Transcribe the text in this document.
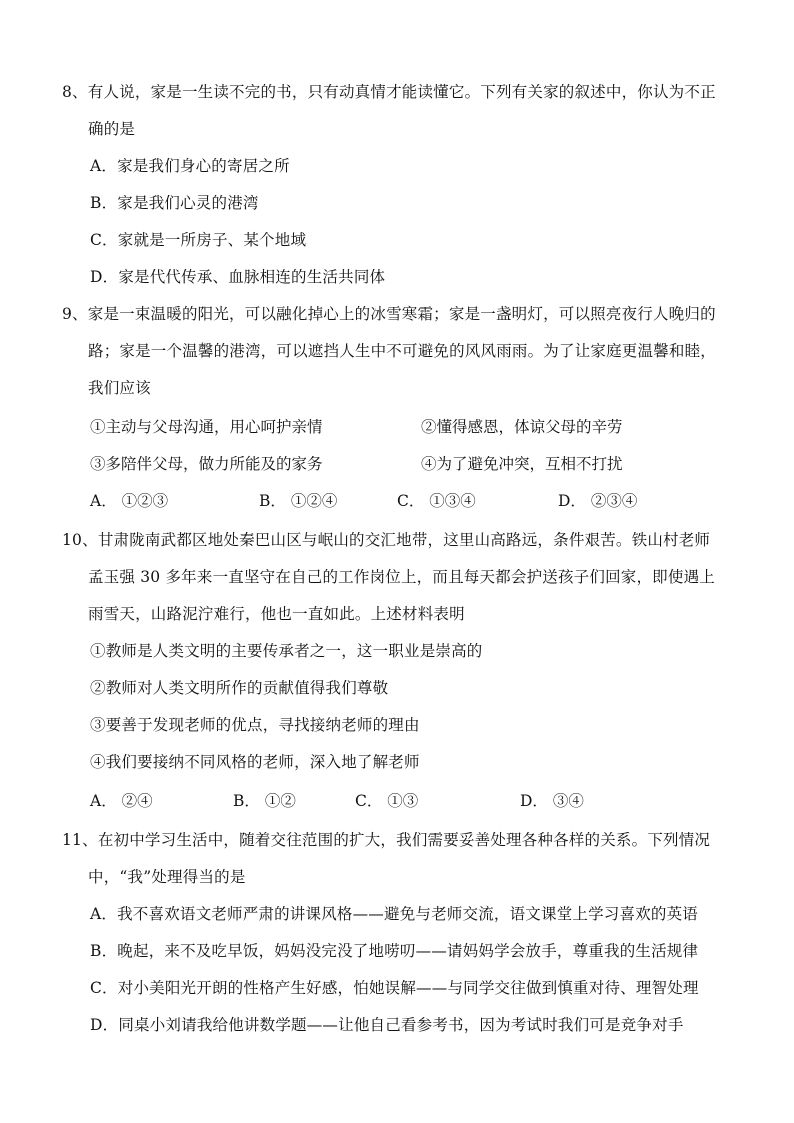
8、有人说，家是一生读不完的书，只有动真情才能读懂它。下列有关家的叙述中，你认为不正
确的是
A．家是我们身心的寄居之所
B．家是我们心灵的港湾
C．家就是一所房子、某个地域
D．家是代代传承、血脉相连的生活共同体
9、家是一束温暖的阳光，可以融化掉心上的冰雪寒霜；家是一盏明灯，可以照亮夜行人晚归的
路；家是一个温馨的港湾，可以遮挡人生中不可避免的风风雨雨。为了让家庭更温馨和睦，
我们应该
①主动与父母沟通，用心呵护亲情	②懂得感恩，体谅父母的辛劳
③多陪伴父母，做力所能及的家务	④为了避免冲突，互相不打扰
A． ①②③	B． ①②④	C． ①③④	D． ②③④
10、甘肃陇南武都区地处秦巴山区与岷山的交汇地带，这里山高路远，条件艰苦。铁山村老师
孟玉强 30 多年来一直坚守在自己的工作岗位上，而且每天都会护送孩子们回家，即使遇上
雨雪天，山路泥泞难行，他也一直如此。上述材料表明
①教师是人类文明的主要传承者之一，这一职业是崇高的
②教师对人类文明所作的贡献值得我们尊敬
③要善于发现老师的优点，寻找接纳老师的理由
④我们要接纳不同风格的老师，深入地了解老师
A． ②④	B． ①②	C． ①③	D． ③④
11、在初中学习生活中，随着交往范围的扩大，我们需要妥善处理各种各样的关系。下列情况
中，“我”处理得当的是
A．我不喜欢语文老师严肃的讲课风格——避免与老师交流，语文课堂上学习喜欢的英语
B．晚起，来不及吃早饭，妈妈没完没了地唠叨——请妈妈学会放手，尊重我的生活规律
C．对小美阳光开朗的性格产生好感，怕她误解——与同学交往做到慎重对待、理智处理
D．同桌小刘请我给他讲数学题——让他自己看参考书，因为考试时我们可是竞争对手
